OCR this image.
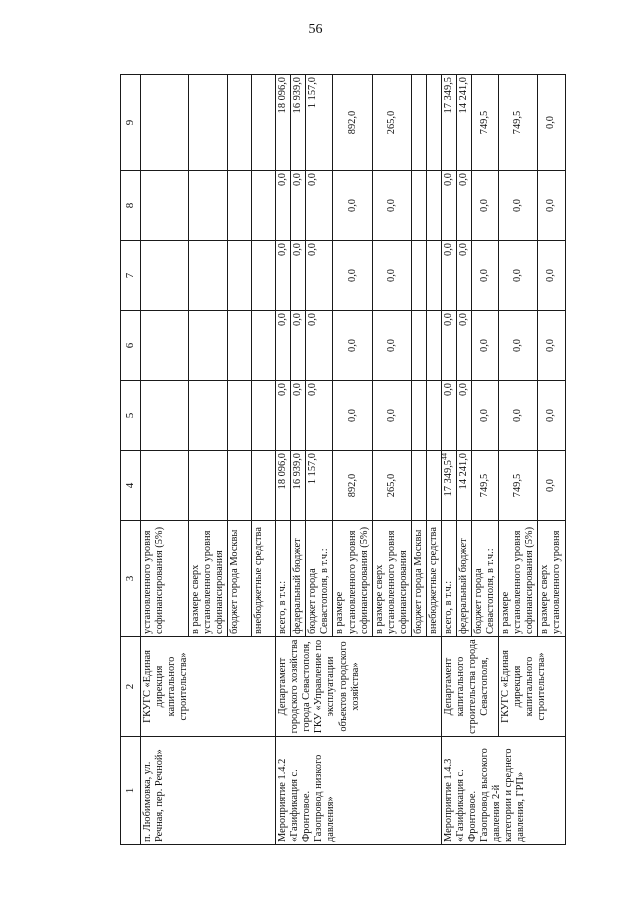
56
1	2	3	4	5	6	7	8	9
п. Любимовка, ул. Речная, пер. Речной»	ГКУГС «Единая дирекция капитального строительства»	установленного уровня софинансирования (5%)						
		в размере сверх установленного уровня софинансирования						
		бюджет города Москвы						
		внебюджетные средства						
Мероприятие 1.4.2 «Газификация с. Фронтовое. Газопровод низкого давления»	Департамент городского хозяйства города Севастополя, ГКУ «Управление по эксплуатации объектов городского хозяйства»	всего, в т.ч.:	18 096,0	0,0	0,0	0,0	0,0	18 096,0
		федеральный бюджет	16 939,0	0,0	0,0	0,0	0,0	16 939,0
		бюджет города Севастополя, в т.ч.:	1 157,0	0,0	0,0	0,0	0,0	1 157,0
		в размере установленного уровня софинансирования (5%)	892,0	0,0	0,0	0,0	0,0	892,0
		в размере сверх установленного уровня софинансирования	265,0	0,0	0,0	0,0	0,0	265,0
		бюджет города Москвы						
		внебюджетные средства						
Мероприятие 1.4.3 «Газификация с. Фронтовое. Газопровод высокого давления 2-й категории и среднего давления, ГРП»	Департамент капитального строительства города Севастополя,	всего, в т.ч.:	17 349,5$^{44}$	0,0	0,0	0,0	0,0	17 349,5
		федеральный бюджет	14 241,0	0,0	0,0	0,0	0,0	14 241,0
		бюджет города Севастополя, в т.ч.:	749,5	0,0	0,0	0,0	0,0	749,5
	ГКУГС «Единая дирекция капитального строительства»	в размере установленного уровня софинансирования (5%)	749,5	0,0	0,0	0,0	0,0	749,5
		в размере сверх установленного уровня	0,0	0,0	0,0	0,0	0,0	0,0
